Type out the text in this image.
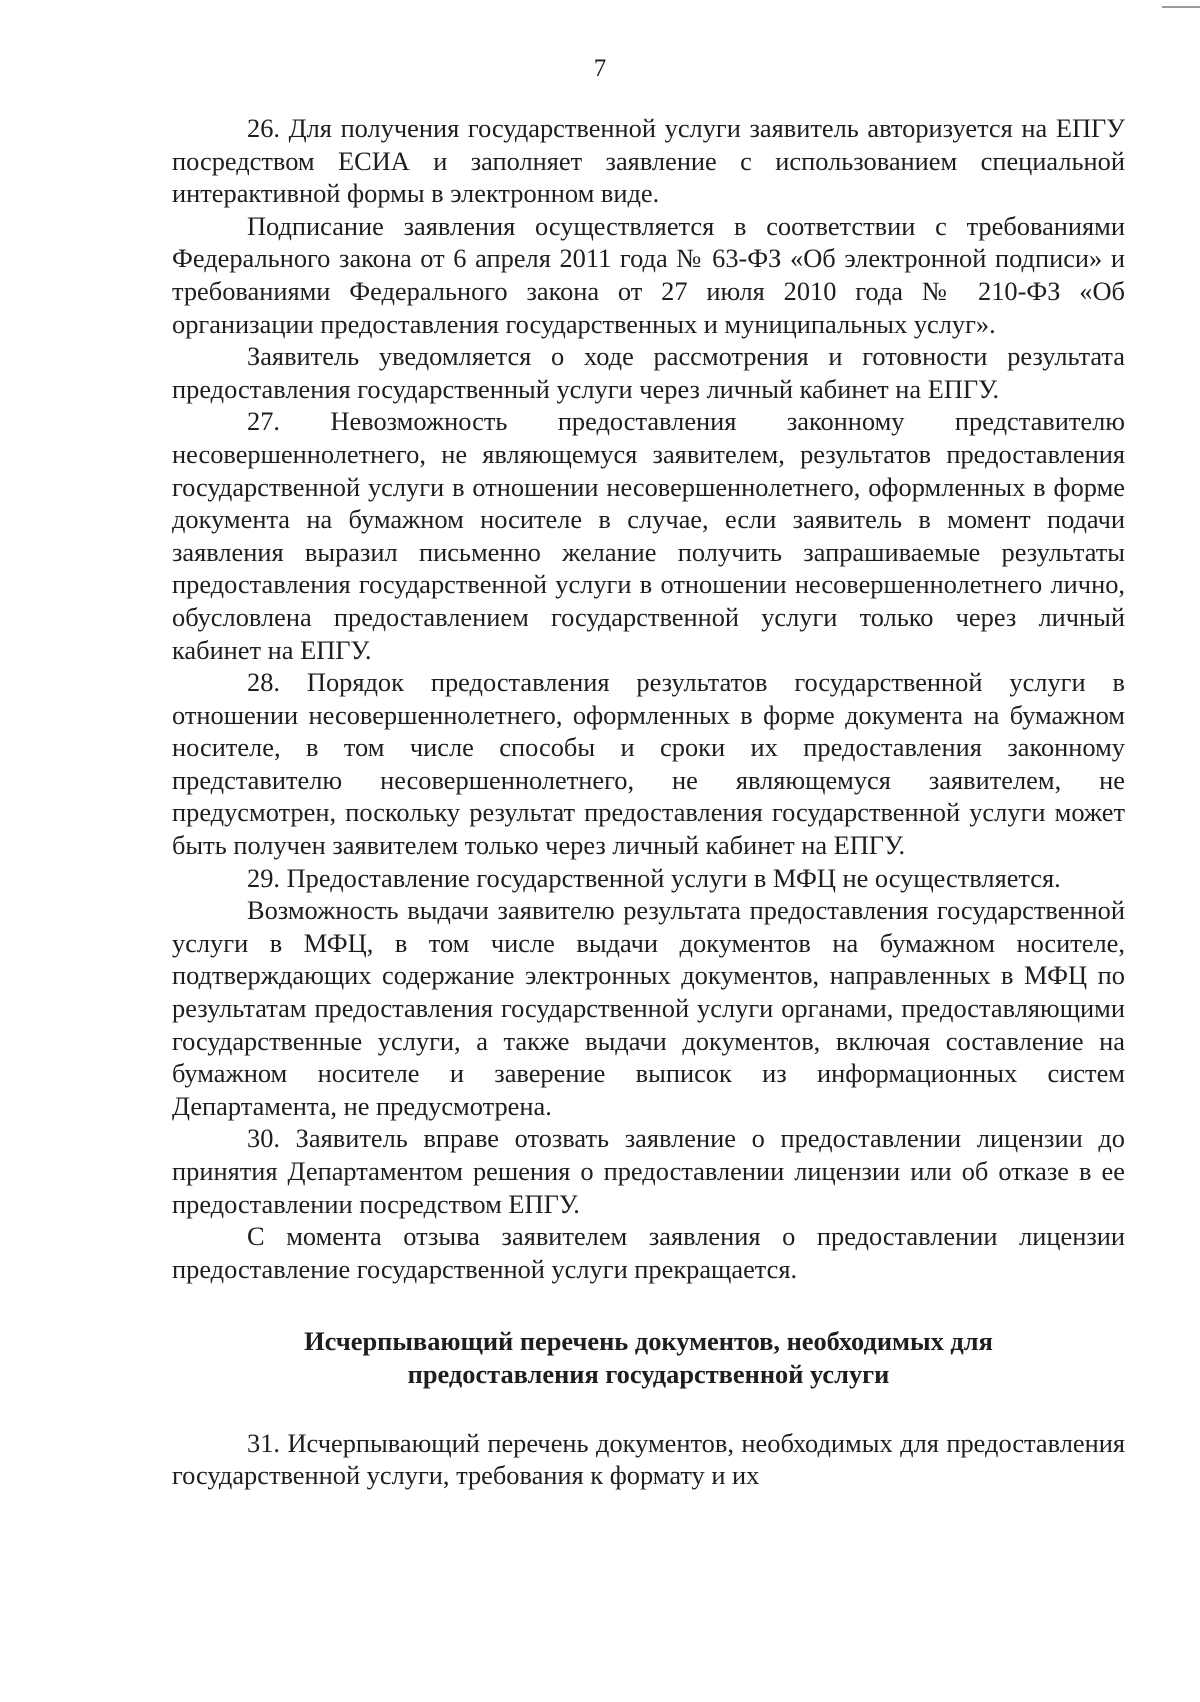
7

26. Для получения государственной услуги заявитель авторизуется на ЕПГУ посредством ЕСИА и заполняет заявление с использованием специальной интерактивной формы в электронном виде.

Подписание заявления осуществляется в соответствии с требованиями Федерального закона от 6 апреля 2011 года № 63-ФЗ «Об электронной подписи» и требованиями Федерального закона от 27 июля 2010 года № 210-ФЗ «Об организации предоставления государственных и муниципальных услуг».

Заявитель уведомляется о ходе рассмотрения и готовности результата предоставления государственный услуги через личный кабинет на ЕПГУ.

27. Невозможность предоставления законному представителю несовершеннолетнего, не являющемуся заявителем, результатов предоставления государственной услуги в отношении несовершеннолетнего, оформленных в форме документа на бумажном носителе в случае, если заявитель в момент подачи заявления выразил письменно желание получить запрашиваемые результаты предоставления государственной услуги в отношении несовершеннолетнего лично, обусловлена предоставлением государственной услуги только через личный кабинет на ЕПГУ.

28. Порядок предоставления результатов государственной услуги в отношении несовершеннолетнего, оформленных в форме документа на бумажном носителе, в том числе способы и сроки их предоставления законному представителю несовершеннолетнего, не являющемуся заявителем, не предусмотрен, поскольку результат предоставления государственной услуги может быть получен заявителем только через личный кабинет на ЕПГУ.

29. Предоставление государственной услуги в МФЦ не осуществляется.

Возможность выдачи заявителю результата предоставления государственной услуги в МФЦ, в том числе выдачи документов на бумажном носителе, подтверждающих содержание электронных документов, направленных в МФЦ по результатам предоставления государственной услуги органами, предоставляющими государственные услуги, а также выдачи документов, включая составление на бумажном носителе и заверение выписок из информационных систем Департамента, не предусмотрена.

30. Заявитель вправе отозвать заявление о предоставлении лицензии до принятия Департаментом решения о предоставлении лицензии или об отказе в ее предоставлении посредством ЕПГУ.

С момента отзыва заявителем заявления о предоставлении лицензии предоставление государственной услуги прекращается.

Исчерпывающий перечень документов, необходимых для предоставления государственной услуги

31. Исчерпывающий перечень документов, необходимых для предоставления государственной услуги, требования к формату и их
